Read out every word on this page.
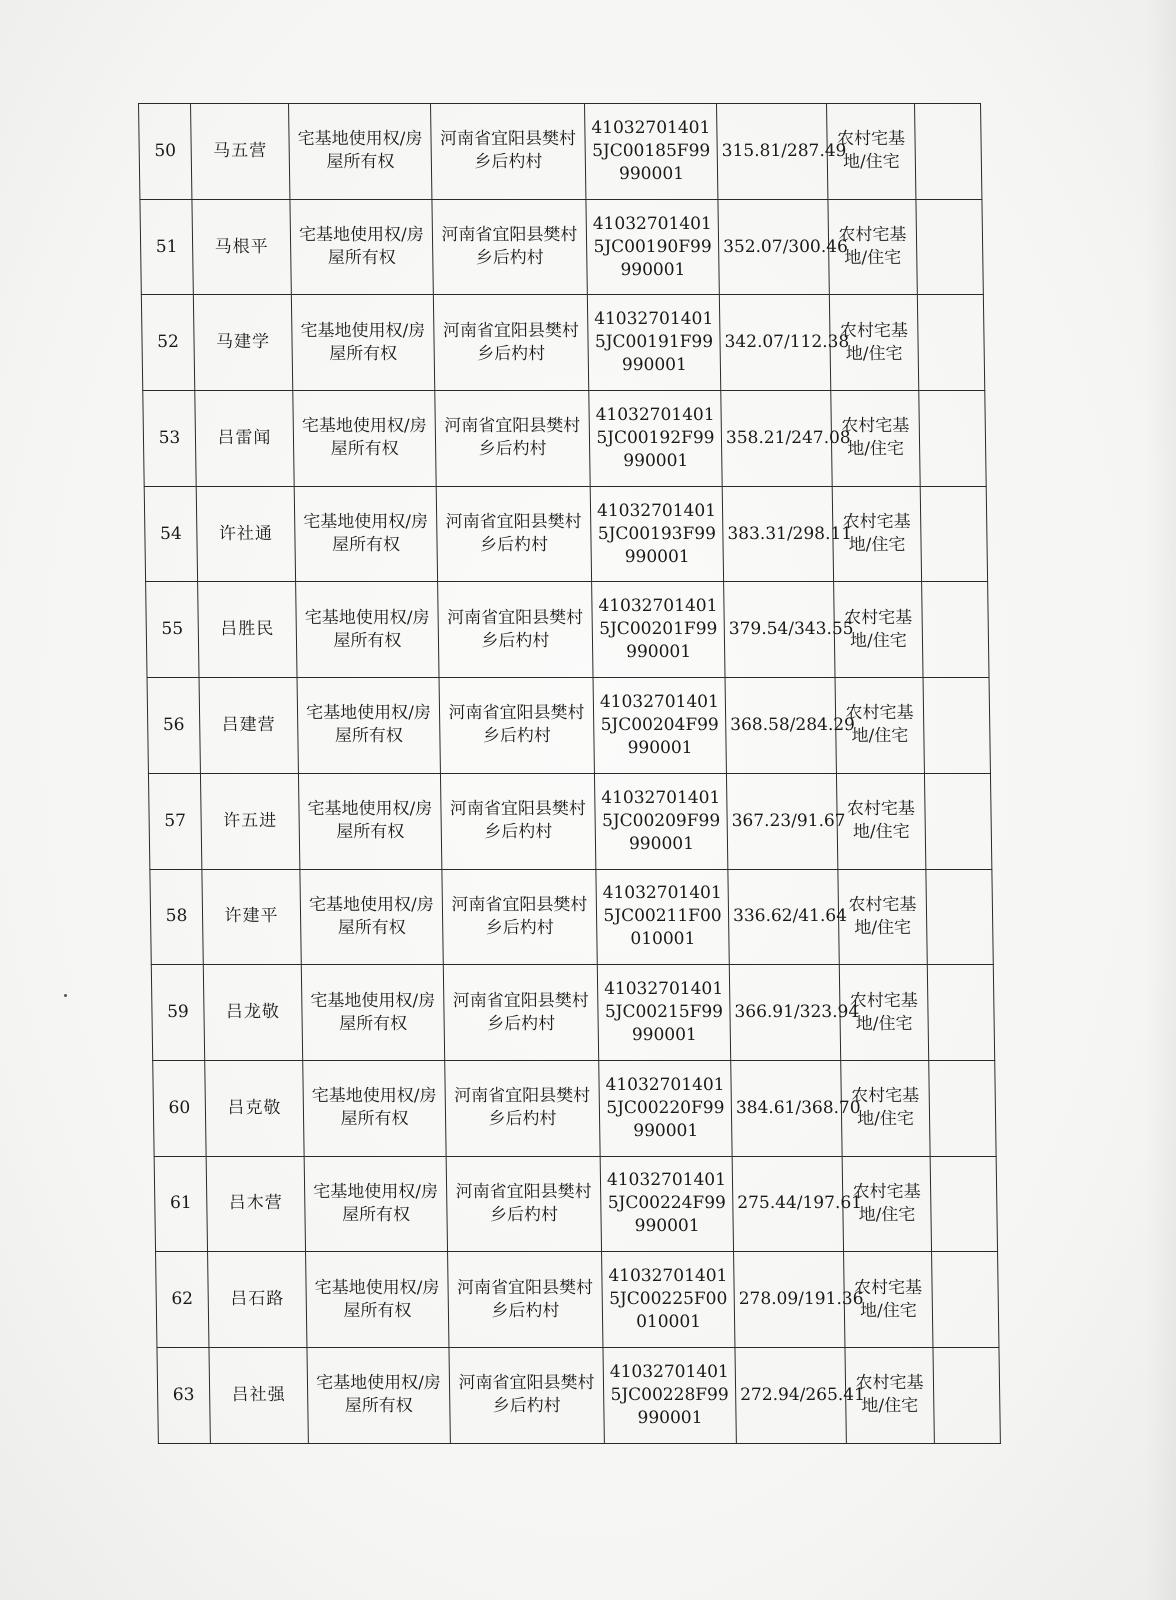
50	马五营	宅基地使用权/房屋所有权	河南省宜阳县樊村乡后杓村	410327014015JC00185F99990001	315.81/287.49	农村宅基地/住宅	
51	马根平	宅基地使用权/房屋所有权	河南省宜阳县樊村乡后杓村	410327014015JC00190F99990001	352.07/300.46	农村宅基地/住宅	
52	马建学	宅基地使用权/房屋所有权	河南省宜阳县樊村乡后杓村	410327014015JC00191F99990001	342.07/112.38	农村宅基地/住宅	
53	吕雷闻	宅基地使用权/房屋所有权	河南省宜阳县樊村乡后杓村	410327014015JC00192F99990001	358.21/247.08	农村宅基地/住宅	
54	许社通	宅基地使用权/房屋所有权	河南省宜阳县樊村乡后杓村	410327014015JC00193F99990001	383.31/298.11	农村宅基地/住宅	
55	吕胜民	宅基地使用权/房屋所有权	河南省宜阳县樊村乡后杓村	410327014015JC00201F99990001	379.54/343.55	农村宅基地/住宅	
56	吕建营	宅基地使用权/房屋所有权	河南省宜阳县樊村乡后杓村	410327014015JC00204F99990001	368.58/284.29	农村宅基地/住宅	
57	许五进	宅基地使用权/房屋所有权	河南省宜阳县樊村乡后杓村	410327014015JC00209F99990001	367.23/91.67	农村宅基地/住宅	
58	许建平	宅基地使用权/房屋所有权	河南省宜阳县樊村乡后杓村	410327014015JC00211F00010001	336.62/41.64	农村宅基地/住宅	
59	吕龙敬	宅基地使用权/房屋所有权	河南省宜阳县樊村乡后杓村	410327014015JC00215F99990001	366.91/323.94	农村宅基地/住宅	
60	吕克敬	宅基地使用权/房屋所有权	河南省宜阳县樊村乡后杓村	410327014015JC00220F99990001	384.61/368.70	农村宅基地/住宅	
61	吕木营	宅基地使用权/房屋所有权	河南省宜阳县樊村乡后杓村	410327014015JC00224F99990001	275.44/197.61	农村宅基地/住宅	
62	吕石路	宅基地使用权/房屋所有权	河南省宜阳县樊村乡后杓村	410327014015JC00225F00010001	278.09/191.36	农村宅基地/住宅	
63	吕社强	宅基地使用权/房屋所有权	河南省宜阳县樊村乡后杓村	410327014015JC00228F99990001	272.94/265.41	农村宅基地/住宅	
